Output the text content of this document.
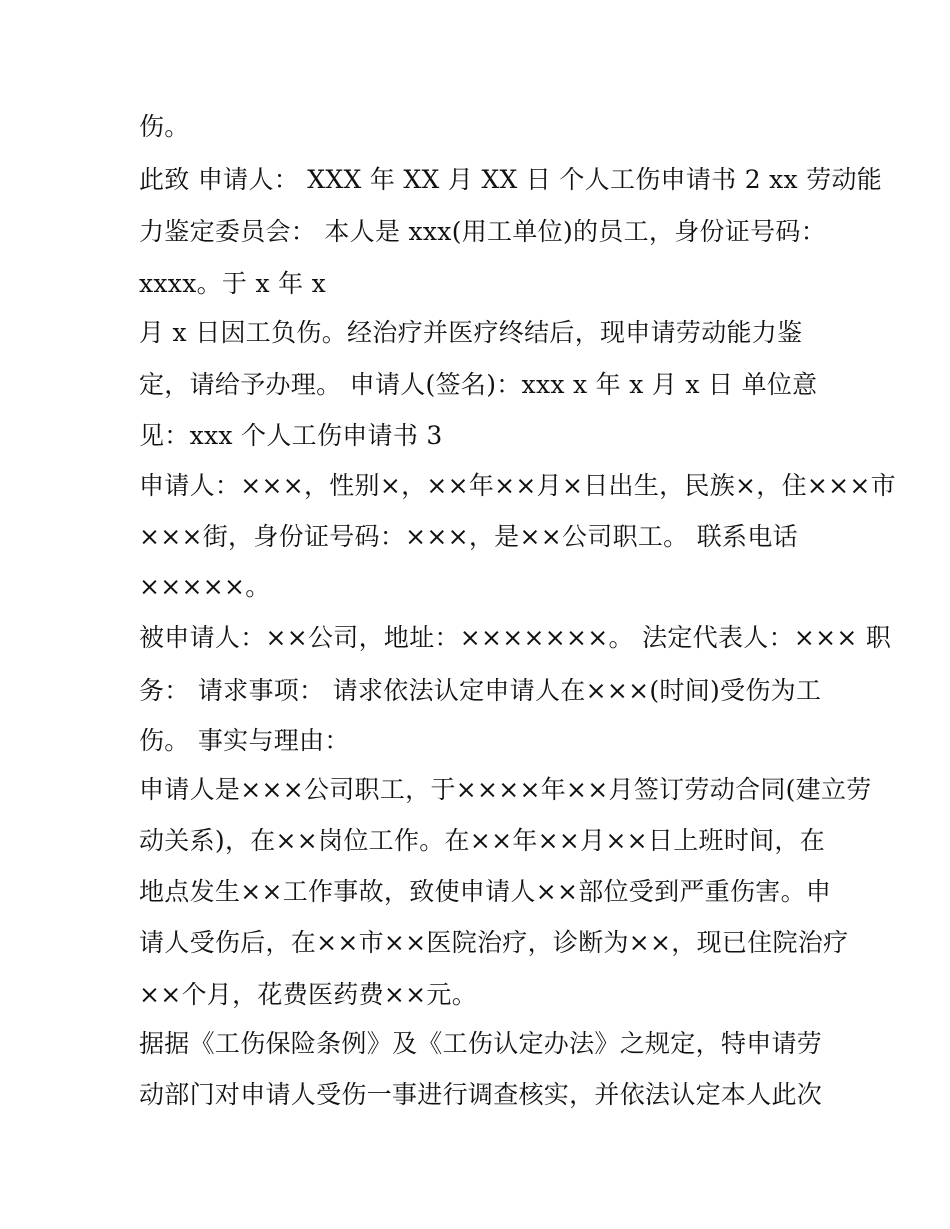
伤。
此致 申请人： XXX 年 XX 月 XX 日 个人工伤申请书 2 xx 劳动能
力鉴定委员会： 本人是 xxx(用工单位)的员工，身份证号码：
xxxx。于 x 年 x
月 x 日因工负伤。经治疗并医疗终结后，现申请劳动能力鉴
定，请给予办理。 申请人(签名)：xxx x 年 x 月 x 日 单位意
见：xxx 个人工伤申请书 3
申请人：×××，性别×，××年××月×日出生，民族×，住×××市
×××街，身份证号码：×××，是××公司职工。 联系电话
×××××。
被申请人：××公司，地址：×××××××。 法定代表人：××× 职
务： 请求事项： 请求依法认定申请人在×××(时间)受伤为工
伤。 事实与理由：
申请人是×××公司职工，于××××年××月签订劳动合同(建立劳
动关系)，在××岗位工作。在××年××月××日上班时间，在
地点发生××工作事故，致使申请人××部位受到严重伤害。申
请人受伤后，在××市××医院治疗，诊断为××，现已住院治疗
××个月，花费医药费××元。
据据《工伤保险条例》及《工伤认定办法》之规定，特申请劳
动部门对申请人受伤一事进行调查核实，并依法认定本人此次
